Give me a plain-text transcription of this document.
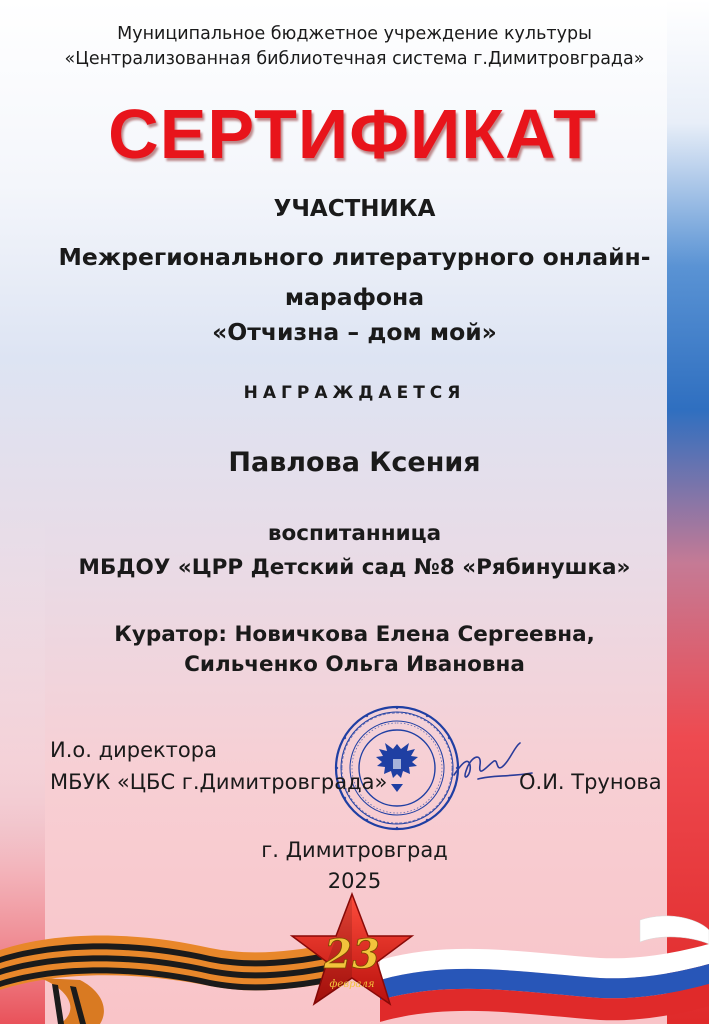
Муниципальное бюджетное учреждение культуры

«Централизованная библиотечная система г.Димитровграда»

СЕРТИФИКАТ

УЧАСТНИКА

Межрегионального литературного онлайн-

марафона

«Отчизна – дом мой»

НАГРАЖДАЕТСЯ

Павлова Ксения

воспитанница

МБДОУ «ЦРР Детский сад №8 «Рябинушка»

Куратор: Новичкова Елена Сергеевна,

Сильченко Ольга Ивановна

И.о. директора

МБУК «ЦБС г.Димитровграда»	О.И. Трунова

г. Димитровград

2025

23
февраля
